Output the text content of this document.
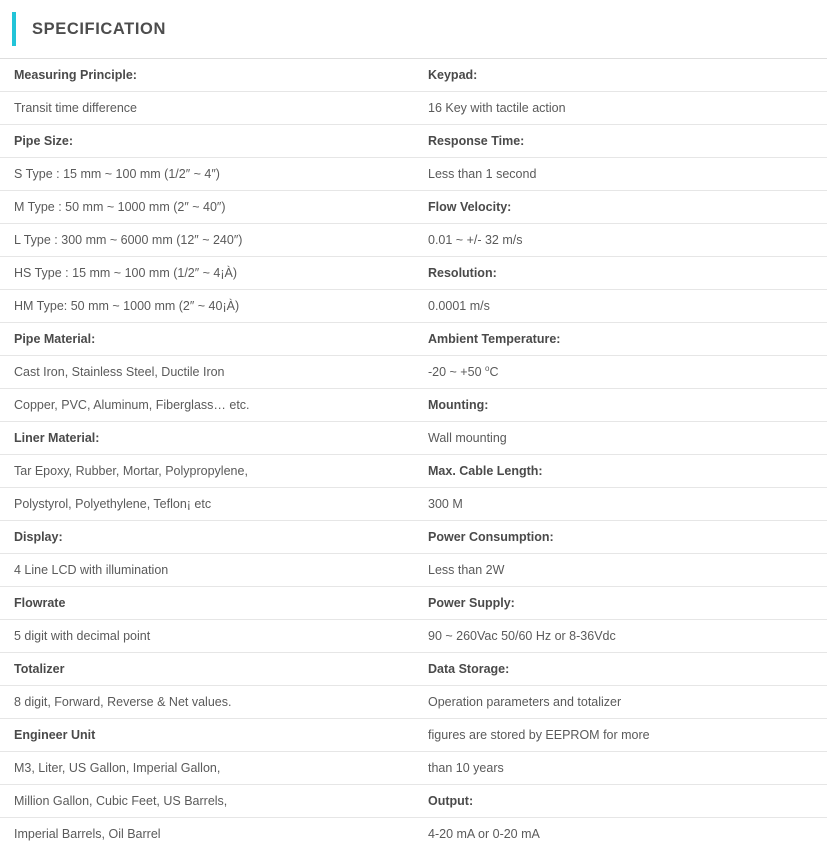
SPECIFICATION
Measuring Principle:	Keypad:
Transit time difference	16 Key with tactile action
Pipe Size:	Response Time:
S Type : 15 mm ~ 100 mm (1/2″ ~ 4″)	Less than 1 second
M Type : 50 mm ~ 1000 mm (2″ ~ 40″)	Flow Velocity:
L Type : 300 mm ~ 6000 mm (12″ ~ 240″)	0.01 ~ +/- 32 m/s
HS Type : 15 mm ~ 100 mm (1/2″ ~ 4¡À)	Resolution:
HM Type: 50 mm ~ 1000 mm (2″ ~ 40¡À)	0.0001 m/s
Pipe Material:	Ambient Temperature:
Cast Iron, Stainless Steel, Ductile Iron	-20 ~ +50 $^o$C
Copper, PVC, Aluminum, Fiberglass… etc.	Mounting:
Liner Material:	Wall mounting
Tar Epoxy, Rubber, Mortar, Polypropylene,	Max. Cable Length:
Polystyrol, Polyethylene, Teflon¡ etc	300 M
Display:	Power Consumption:
4 Line LCD with illumination	Less than 2W
Flowrate	Power Supply:
5 digit with decimal point	90 ~ 260Vac 50/60 Hz or 8-36Vdc
Totalizer	Data Storage:
8 digit, Forward, Reverse & Net values.	Operation parameters and totalizer
Engineer Unit	figures are stored by EEPROM for more
M3, Liter, US Gallon, Imperial Gallon,	than 10 years
Million Gallon, Cubic Feet, US Barrels,	Output:
Imperial Barrels, Oil Barrel	4-20 mA or 0-20 mA
